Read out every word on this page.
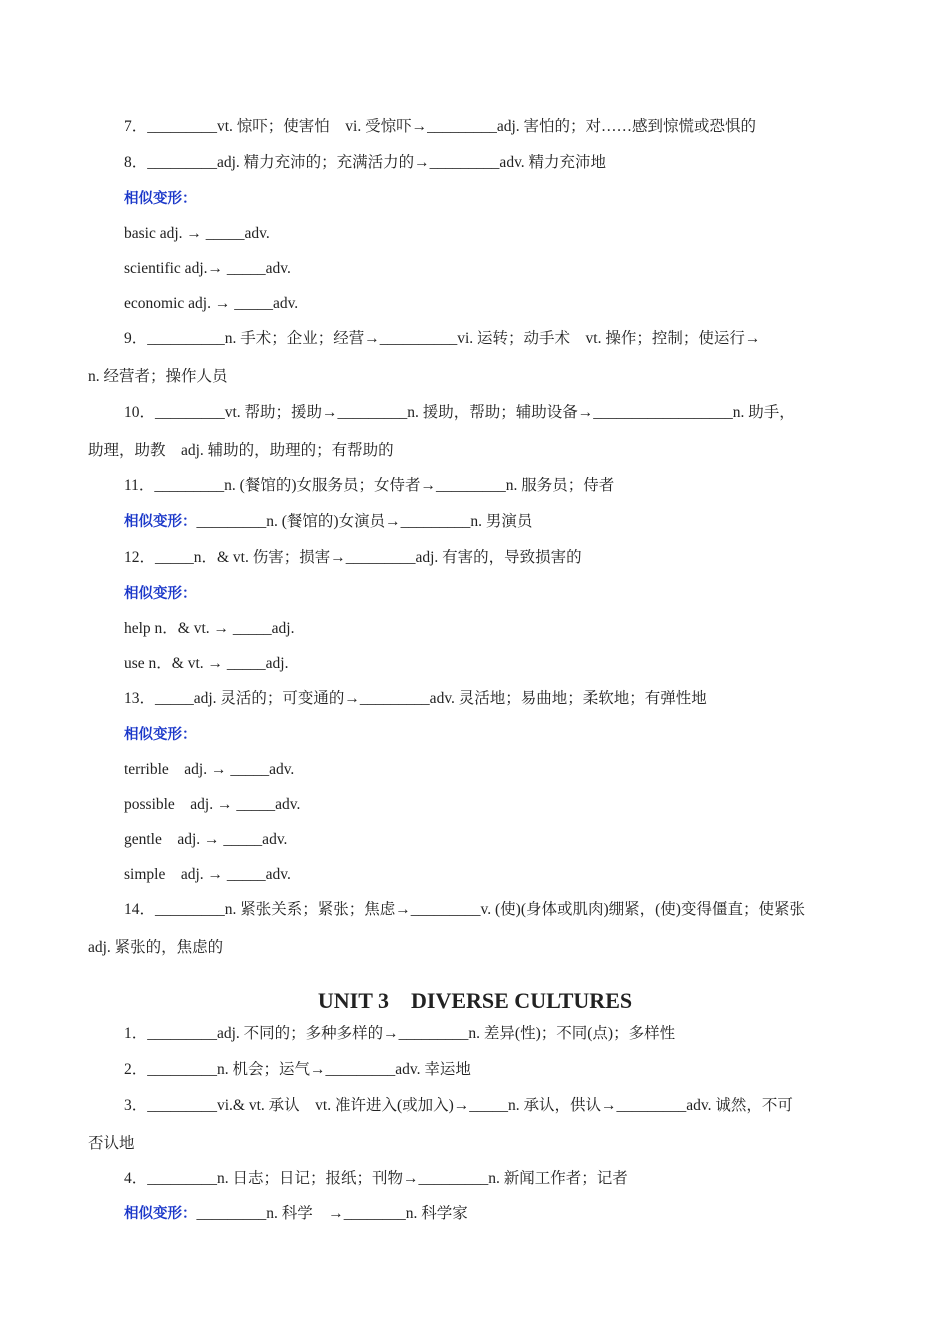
7．_________vt. 惊吓；使害怕　vi. 受惊吓→_________adj. 害怕的；对……感到惊慌或恐惧的
8．_________adj. 精力充沛的；充满活力的→_________adv. 精力充沛地
相似变形：
basic adj. → _____adv.
scientific adj.→ _____adv.
economic adj. → _____adv.
9．__________n. 手术；企业；经营→__________vi. 运转；动手术　vt. 操作；控制；使运行→
n. 经营者；操作人员
10．_________vt. 帮助；援助→_________n. 援助，帮助；辅助设备→__________________n. 助手，
助理，助教　adj. 辅助的，助理的；有帮助的
11．_________n. (餐馆的)女服务员；女侍者→_________n. 服务员；侍者
相似变形：_________n. (餐馆的)女演员→_________n. 男演员
12．_____n．& vt. 伤害；损害→_________adj. 有害的，导致损害的
相似变形：
help n．& vt. → _____adj.
use n．& vt. → _____adj.
13．_____adj. 灵活的；可变通的→_________adv. 灵活地；易曲地；柔软地；有弹性地
相似变形：
terrible　adj. → _____adv.
possible　adj. → _____adv.
gentle　adj. → _____adv.
simple　adj. → _____adv.
14．_________n. 紧张关系；紧张；焦虑→_________v. (使)(身体或肌肉)绷紧，(使)变得僵直；使紧张
adj. 紧张的，焦虑的
UNIT 3　DIVERSE CULTURES
1．_________adj. 不同的；多种多样的→_________n. 差异(性)；不同(点)；多样性
2．_________n. 机会；运气→_________adv. 幸运地
3．_________vi.& vt. 承认　vt. 准许进入(或加入)→_____n. 承认，供认→_________adv. 诚然，不可
否认地
4．_________n. 日志；日记；报纸；刊物→_________n. 新闻工作者；记者
相似变形：_________n. 科学　→________n. 科学家
